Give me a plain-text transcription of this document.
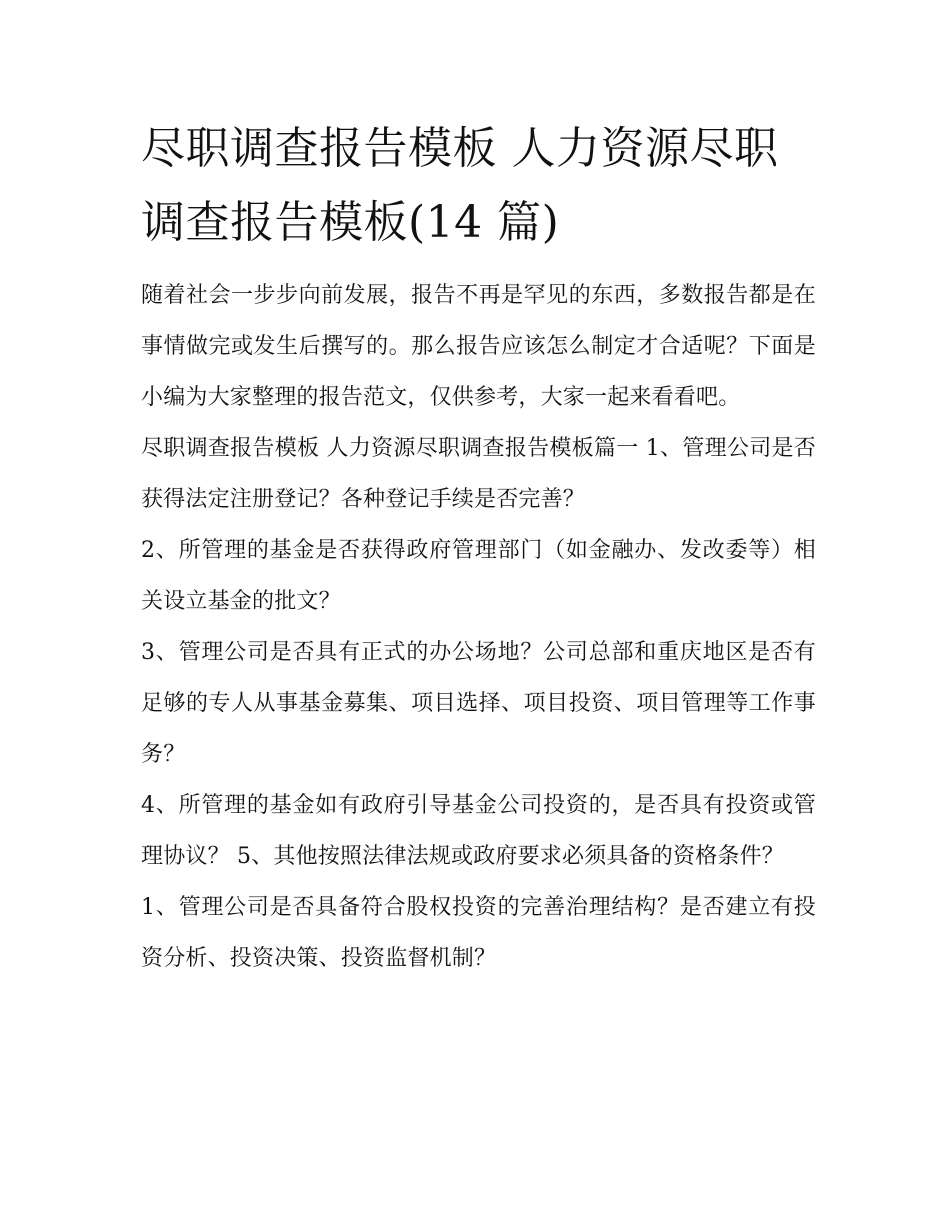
尽职调查报告模板 人力资源尽职调查报告模板(14 篇)

随着社会一步步向前发展，报告不再是罕见的东西，多数报告都是在事情做完或发生后撰写的。那么报告应该怎么制定才合适呢？下面是小编为大家整理的报告范文，仅供参考，大家一起来看看吧。

尽职调查报告模板 人力资源尽职调查报告模板篇一 1、管理公司是否获得法定注册登记？各种登记手续是否完善？

2、所管理的基金是否获得政府管理部门（如金融办、发改委等）相关设立基金的批文？

3、管理公司是否具有正式的办公场地？公司总部和重庆地区是否有足够的专人从事基金募集、项目选择、项目投资、项目管理等工作事务？

4、所管理的基金如有政府引导基金公司投资的，是否具有投资或管理协议？ 5、其他按照法律法规或政府要求必须具备的资格条件？

1、管理公司是否具备符合股权投资的完善治理结构？是否建立有投资分析、投资决策、投资监督机制？
